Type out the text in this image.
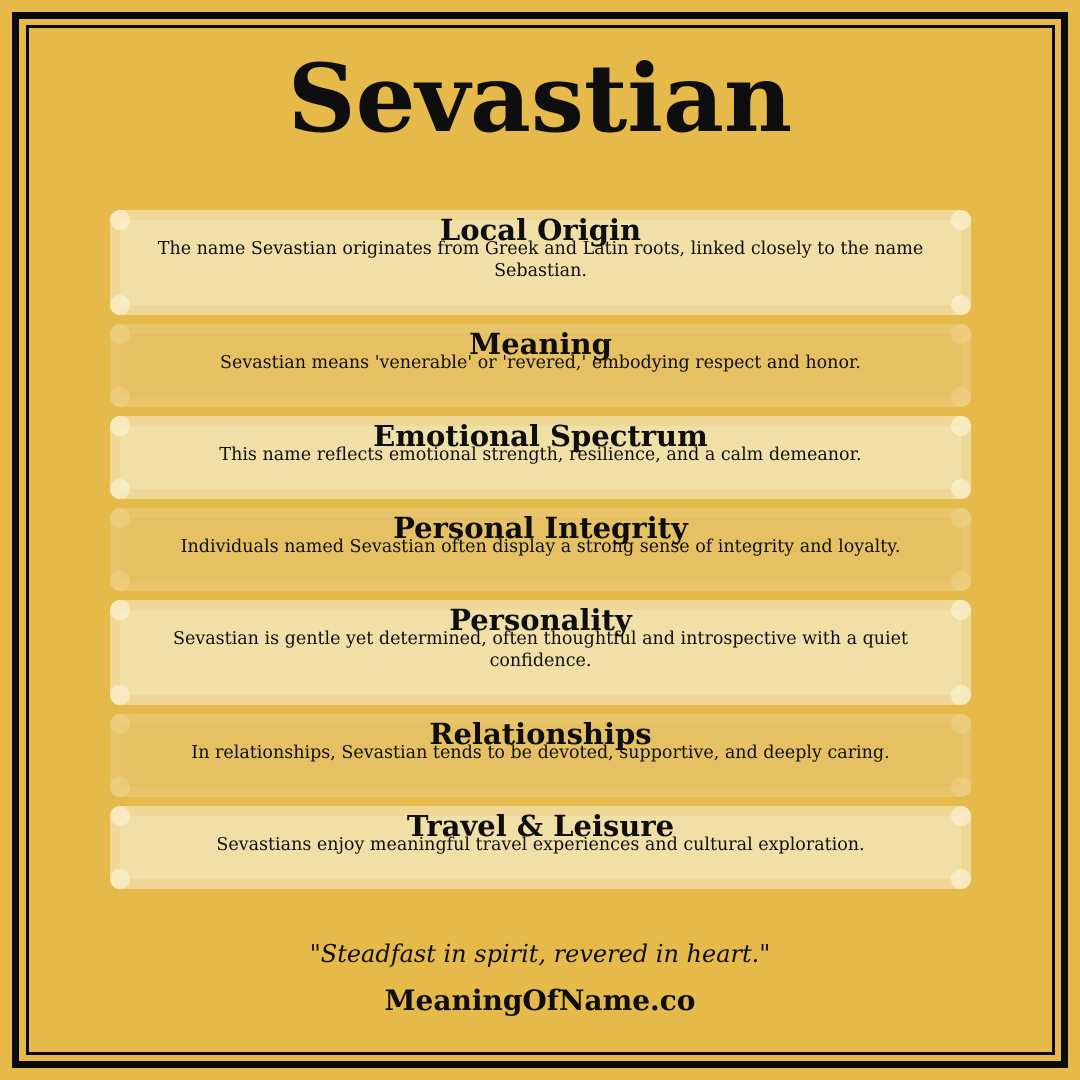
Sevastian
Local Origin
The name Sevastian originates from Greek and Latin roots, linked closely to the name Sebastian.
Meaning
Sevastian means 'venerable' or 'revered,' embodying respect and honor.
Emotional Spectrum
This name reflects emotional strength, resilience, and a calm demeanor.
Personal Integrity
Individuals named Sevastian often display a strong sense of integrity and loyalty.
Personality
Sevastian is gentle yet determined, often thoughtful and introspective with a quiet confidence.
Relationships
In relationships, Sevastian tends to be devoted, supportive, and deeply caring.
Travel & Leisure
Sevastians enjoy meaningful travel experiences and cultural exploration.
"Steadfast in spirit, revered in heart."
MeaningOfName.co
